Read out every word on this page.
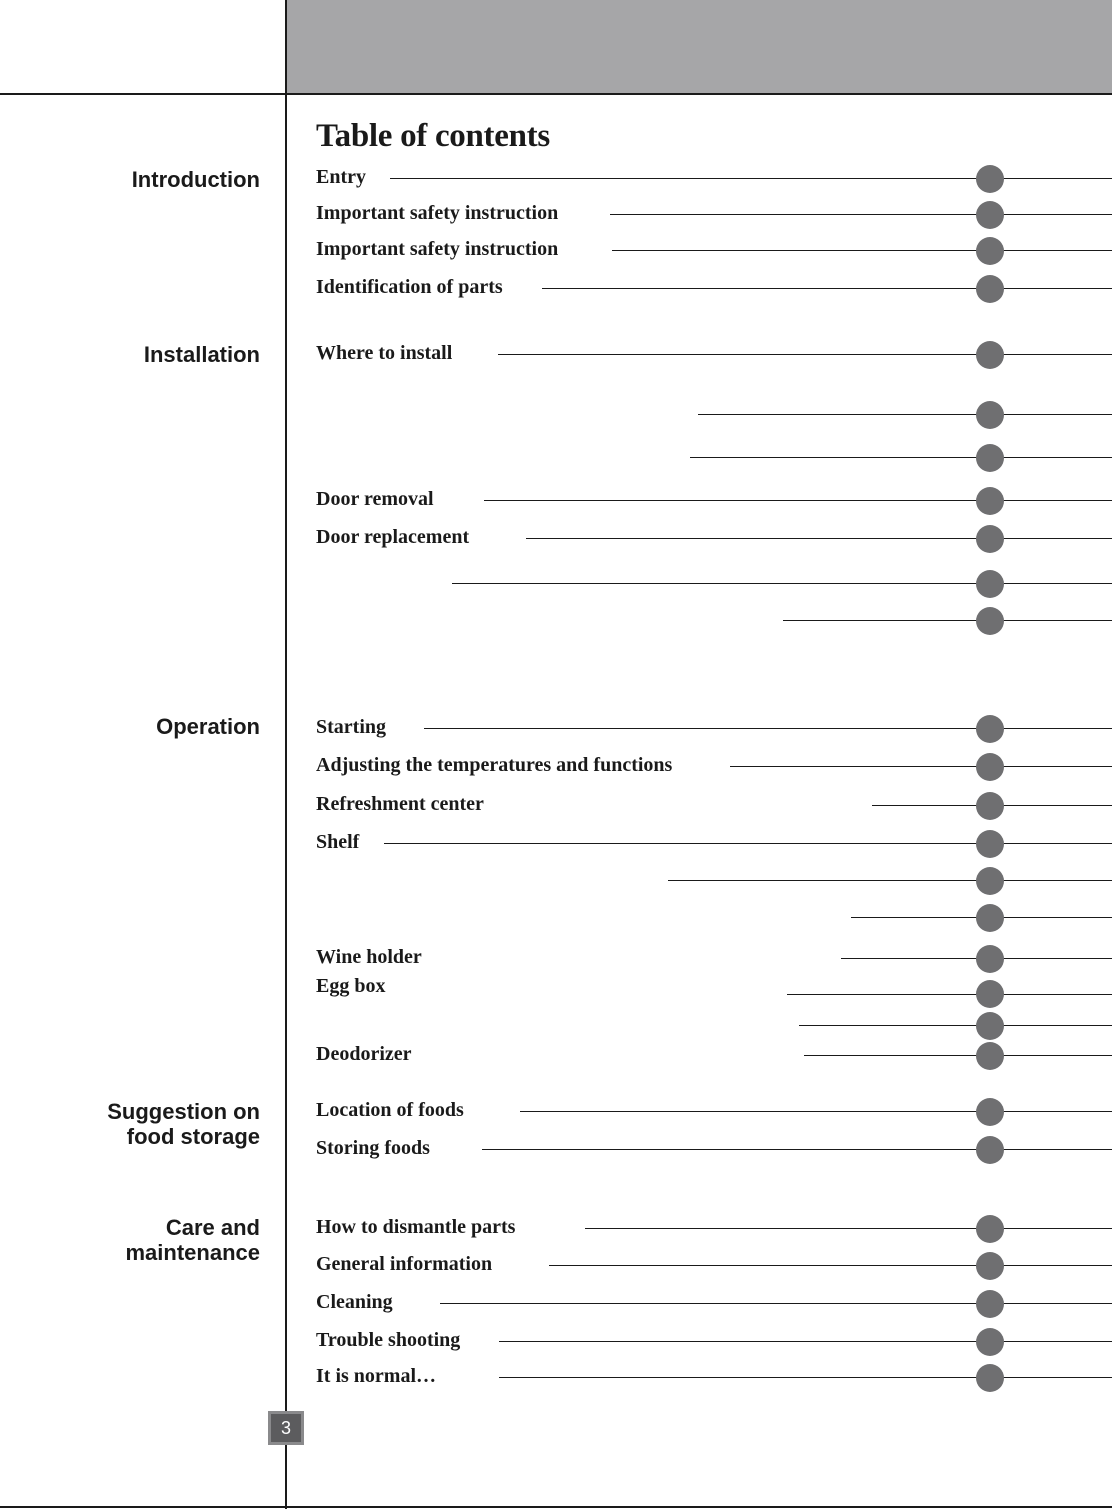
Table of contents
Introduction
Installation
Operation
Suggestion on
food storage
Care and
maintenance
Entry
Important safety instruction
Important safety instruction
Identification of parts
Where to install
Door removal
Door replacement
Starting
Adjusting the temperatures and functions
Refreshment center
Shelf
Wine holder
Egg box
Deodorizer
Location of foods
Storing foods
How to dismantle parts
General information
Cleaning
Trouble shooting
It is normal…
3
